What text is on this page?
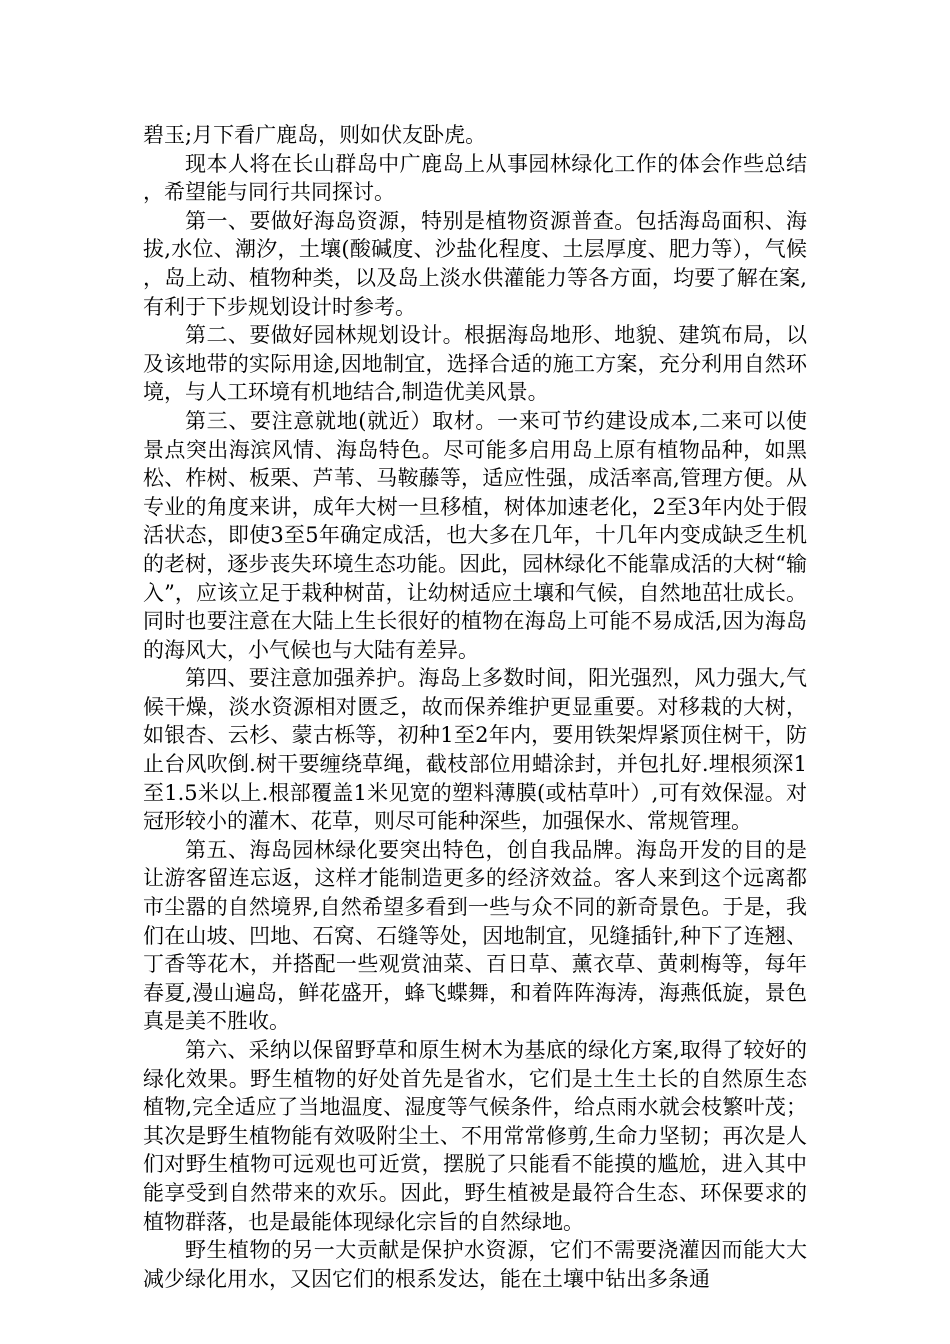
碧玉;月下看广鹿岛，则如伏友卧虎。

现本人将在长山群岛中广鹿岛上从事园林绿化工作的体会作些总结，希望能与同行共同探讨。

第一、要做好海岛资源，特别是植物资源普查。包括海岛面积、海拔,水位、潮汐，土壤(酸碱度、沙盐化程度、土层厚度、肥力等），气候，岛上动、植物种类，以及岛上淡水供灌能力等各方面，均要了解在案,有利于下步规划设计时参考。

第二、要做好园林规划设计。根据海岛地形、地貌、建筑布局，以及该地带的实际用途,因地制宜，选择合适的施工方案，充分利用自然环境，与人工环境有机地结合,制造优美风景。

第三、要注意就地(就近）取材。一来可节约建设成本,二来可以使景点突出海滨风情、海岛特色。尽可能多启用岛上原有植物品种，如黑松、柞树、板栗、芦苇、马鞍藤等，适应性强，成活率高,管理方便。从专业的角度来讲，成年大树一旦移植，树体加速老化，2至3年内处于假活状态，即使3至5年确定成活，也大多在几年，十几年内变成缺乏生机的老树，逐步丧失环境生态功能。因此，园林绿化不能靠成活的大树“输入”，应该立足于栽种树苗，让幼树适应土壤和气候，自然地茁壮成长。同时也要注意在大陆上生长很好的植物在海岛上可能不易成活,因为海岛的海风大，小气候也与大陆有差异。

第四、要注意加强养护。海岛上多数时间，阳光强烈，风力强大,气候干燥，淡水资源相对匮乏，故而保养维护更显重要。对移栽的大树，如银杏、云杉、蒙古栎等，初种1至2年内，要用铁架焊紧顶住树干，防止台风吹倒.树干要缠绕草绳，截枝部位用蜡涂封，并包扎好.埋根须深1至1.5米以上.根部覆盖1米见宽的塑料薄膜(或枯草叶）,可有效保湿。对冠形较小的灌木、花草，则尽可能种深些，加强保水、常规管理。

第五、海岛园林绿化要突出特色，创自我品牌。海岛开发的目的是让游客留连忘返，这样才能制造更多的经济效益。客人来到这个远离都市尘嚣的自然境界,自然希望多看到一些与众不同的新奇景色。于是，我们在山坡、凹地、石窝、石缝等处，因地制宜，见缝插针,种下了连翘、丁香等花木，并搭配一些观赏油菜、百日草、薰衣草、黄刺梅等，每年春夏,漫山遍岛，鲜花盛开，蜂飞蝶舞，和着阵阵海涛，海燕低旋，景色真是美不胜收。

第六、采纳以保留野草和原生树木为基底的绿化方案,取得了较好的绿化效果。野生植物的好处首先是省水，它们是土生土长的自然原生态植物,完全适应了当地温度、湿度等气候条件，给点雨水就会枝繁叶茂；其次是野生植物能有效吸附尘土、不用常常修剪,生命力坚韧；再次是人们对野生植物可远观也可近赏，摆脱了只能看不能摸的尴尬，进入其中能享受到自然带来的欢乐。因此，野生植被是最符合生态、环保要求的植物群落，也是最能体现绿化宗旨的自然绿地。

野生植物的另一大贡献是保护水资源，它们不需要浇灌因而能大大减少绿化用水，又因它们的根系发达，能在土壤中钻出多条通
